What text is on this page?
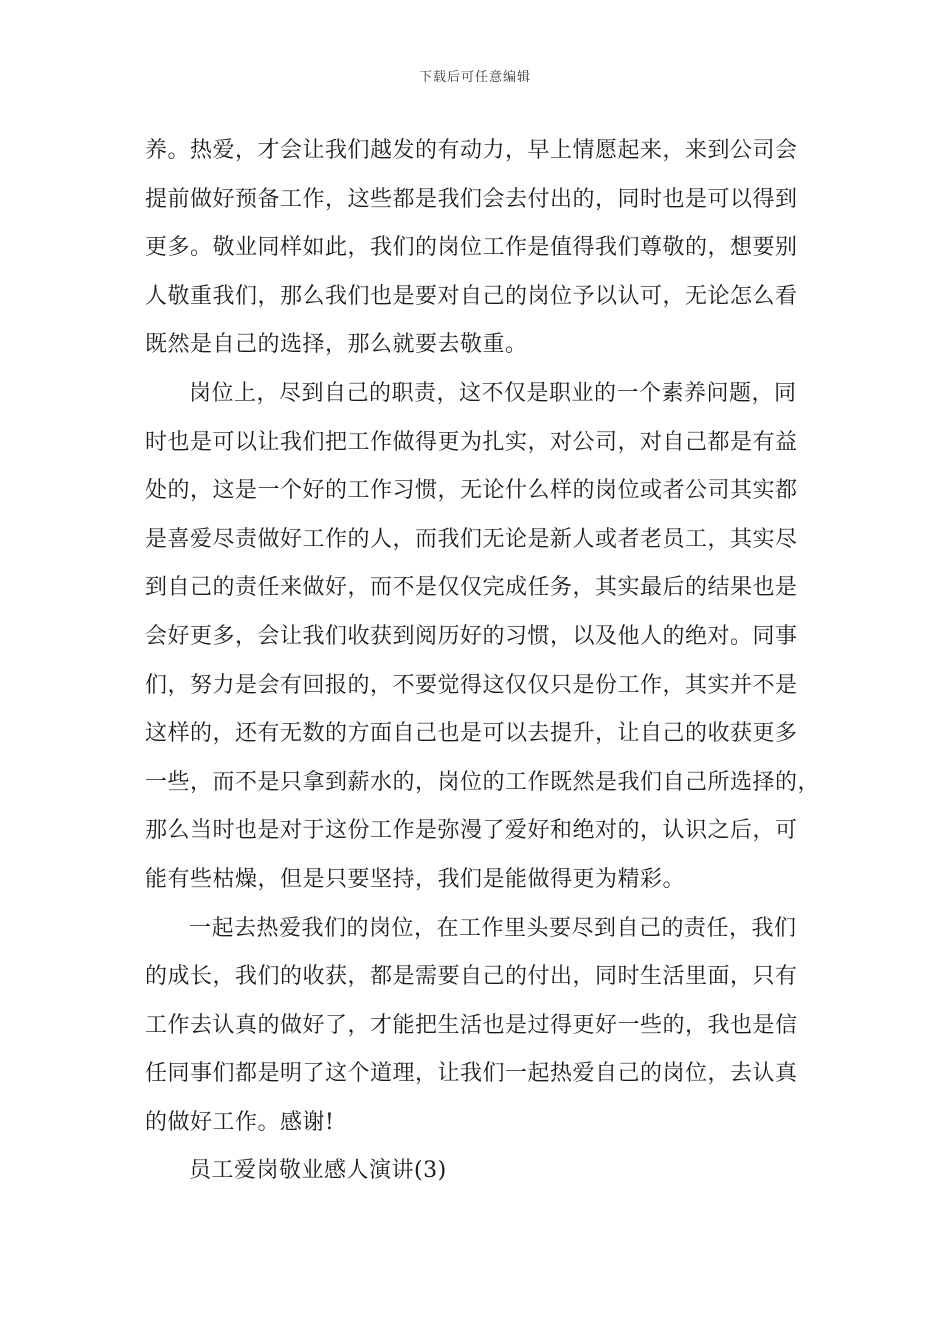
下载后可任意编辑
养。热爱，才会让我们越发的有动力，早上情愿起来，来到公司会
提前做好预备工作，这些都是我们会去付出的，同时也是可以得到
更多。敬业同样如此，我们的岗位工作是值得我们尊敬的，想要别
人敬重我们，那么我们也是要对自己的岗位予以认可，无论怎么看
既然是自己的选择，那么就要去敬重。
岗位上，尽到自己的职责，这不仅是职业的一个素养问题，同
时也是可以让我们把工作做得更为扎实，对公司，对自己都是有益
处的，这是一个好的工作习惯，无论什么样的岗位或者公司其实都
是喜爱尽责做好工作的人，而我们无论是新人或者老员工，其实尽
到自己的责任来做好，而不是仅仅完成任务，其实最后的结果也是
会好更多，会让我们收获到阅历好的习惯，以及他人的绝对。同事
们，努力是会有回报的，不要觉得这仅仅只是份工作，其实并不是
这样的，还有无数的方面自己也是可以去提升，让自己的收获更多
一些，而不是只拿到薪水的，岗位的工作既然是我们自己所选择的，
那么当时也是对于这份工作是弥漫了爱好和绝对的，认识之后，可
能有些枯燥，但是只要坚持，我们是能做得更为精彩。
一起去热爱我们的岗位，在工作里头要尽到自己的责任，我们
的成长，我们的收获，都是需要自己的付出，同时生活里面，只有
工作去认真的做好了，才能把生活也是过得更好一些的，我也是信
任同事们都是明了这个道理，让我们一起热爱自己的岗位，去认真
的做好工作。感谢!
员工爱岗敬业感人演讲(3)
